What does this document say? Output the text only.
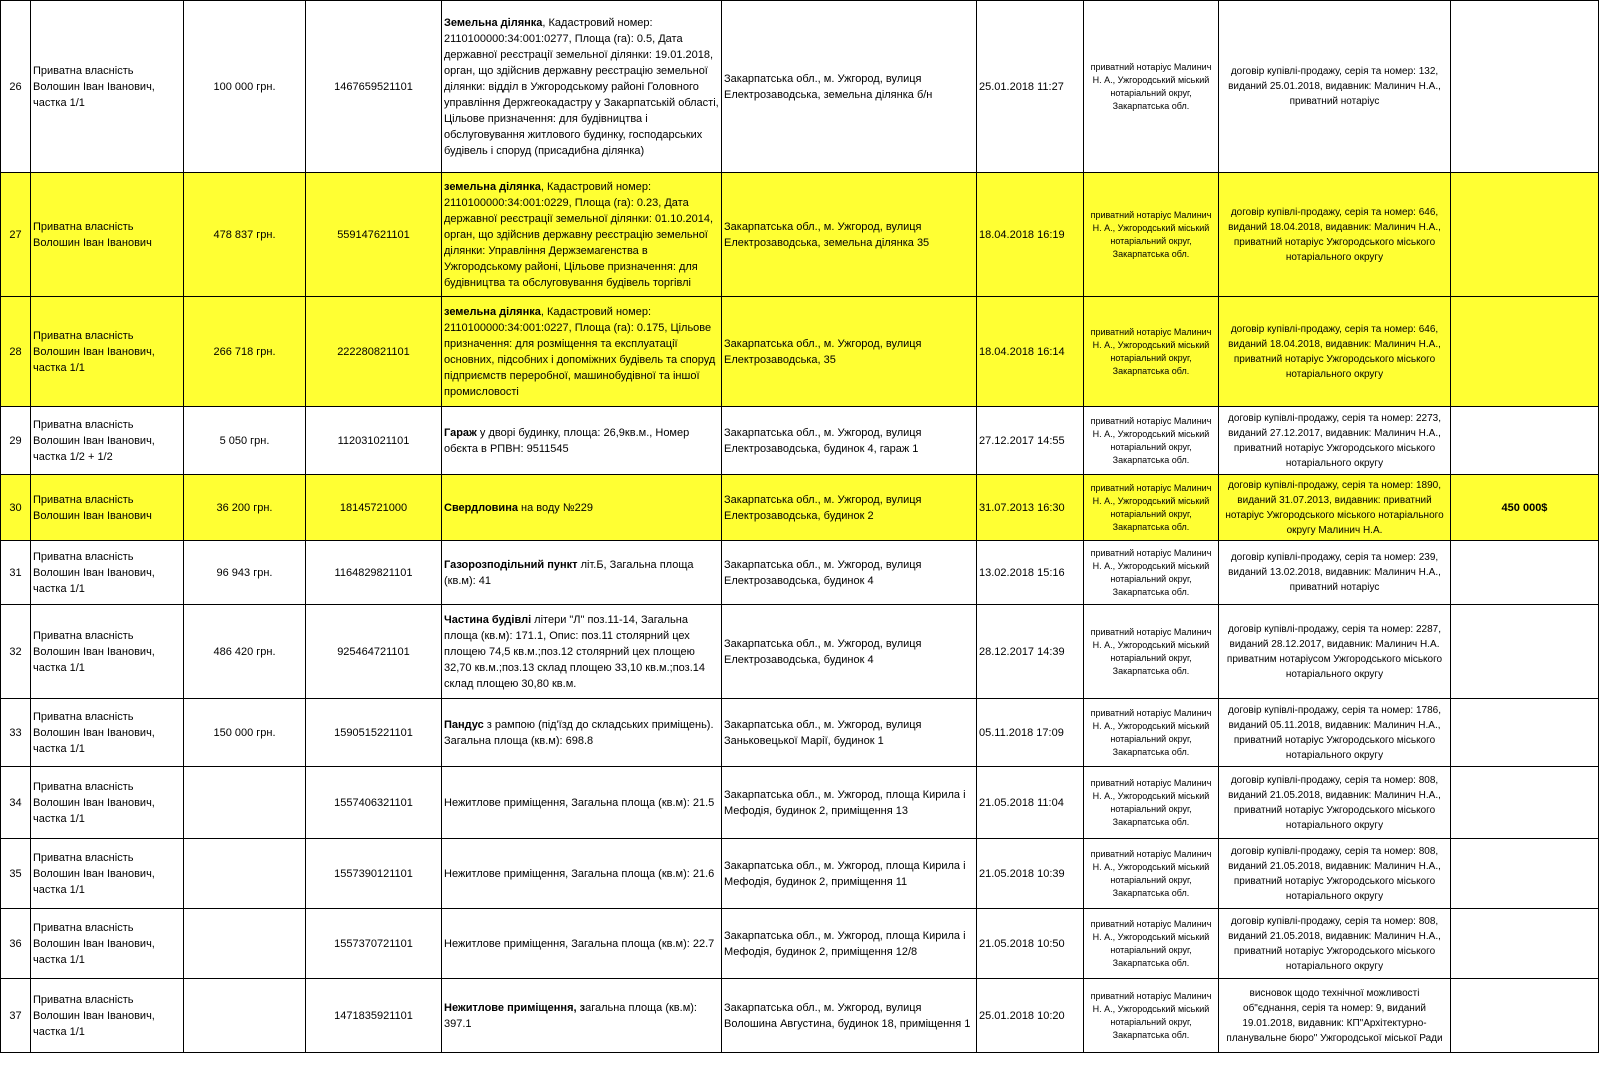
26	Приватна власність Волошин Іван Іванович, частка 1/1	100 000 грн.	1467659521101	Земельна ділянка, Кадастровий номер: 2110100000:34:001:0277, Площа (га): 0.5, Дата державної реєстрації земельної ділянки: 19.01.2018, орган, що здійснив державну реєстрацію земельної ділянки: відділ в Ужгородському районі Головного управління Держгеокадастру у Закарпатській області, Цільове призначення: для будівництва і обслуговування житлового будинку, господарських будівель і споруд (присадибна ділянка)	Закарпатська обл., м. Ужгород, вулиця Електрозаводська, земельна ділянка б/н	25.01.2018 11:27	приватний нотаріус Малинич Н. А., Ужгородський міський нотаріальний округ, Закарпатська обл.	договір купівлі-продажу, серія та номер: 132, виданий 25.01.2018, видавник: Малинич Н.А., приватний нотаріус	
27	Приватна власність Волошин Іван Іванович	478 837 грн.	559147621101	земельна ділянка, Кадастровий номер: 2110100000:34:001:0229, Площа (га): 0.23, Дата державної реєстрації земельної ділянки: 01.10.2014, орган, що здійснив державну реєстрацію земельної ділянки: Управління Держземагенства в Ужгородському районі, Цільове призначення: для будівництва та обслуговування будівель торгівлі	Закарпатська обл., м. Ужгород, вулиця Електрозаводська, земельна ділянка 35	18.04.2018 16:19	приватний нотаріус Малинич Н. А., Ужгородський міський нотаріальний округ, Закарпатська обл.	договір купівлі-продажу, серія та номер: 646, виданий 18.04.2018, видавник: Малинич Н.А., приватний нотаріус Ужгородського міського нотаріального округу	
28	Приватна власність Волошин Іван Іванович, частка 1/1	266 718 грн.	222280821101	земельна ділянка, Кадастровий номер: 2110100000:34:001:0227, Площа (га): 0.175, Цільове призначення: для розміщення та експлуатації основних, підсобних і допоміжних будівель та споруд підприємств переробної, машинобудівної та іншої промисловості	Закарпатська обл., м. Ужгород, вулиця Електрозаводська, 35	18.04.2018 16:14	приватний нотаріус Малинич Н. А., Ужгородський міський нотаріальний округ, Закарпатська обл.	договір купівлі-продажу, серія та номер: 646, виданий 18.04.2018, видавник: Малинич Н.А., приватний нотаріус Ужгородського міського нотаріального округу	
29	Приватна власність Волошин Іван Іванович, частка 1/2 + 1/2	5 050 грн.	112031021101	Гараж у дворі будинку, площа: 26,9кв.м., Номер обєкта в РПВН: 9511545	Закарпатська обл., м. Ужгород, вулиця Електрозаводська, будинок 4, гараж 1	27.12.2017 14:55	приватний нотаріус Малинич Н. А., Ужгородський міський нотаріальний округ, Закарпатська обл.	договір купівлі-продажу, серія та номер: 2273, виданий 27.12.2017, видавник: Малинич Н.А., приватний нотаріус Ужгородського міського нотаріального округу	
30	Приватна власність Волошин Іван Іванович	36 200 грн.	18145721000	Свердловина на воду №229	Закарпатська обл., м. Ужгород, вулиця Електрозаводська, будинок 2	31.07.2013 16:30	приватний нотаріус Малинич Н. А., Ужгородський міський нотаріальний округ, Закарпатська обл.	договір купівлі-продажу, серія та номер: 1890, виданий 31.07.2013, видавник: приватний нотаріус Ужгородського міського нотаріального округу Малинич Н.А.	450 000$
31	Приватна власність Волошин Іван Іванович, частка 1/1	96 943 грн.	1164829821101	Газорозподільний пункт літ.Б, Загальна площа (кв.м): 41	Закарпатська обл., м. Ужгород, вулиця Електрозаводська, будинок 4	13.02.2018 15:16	приватний нотаріус Малинич Н. А., Ужгородський міський нотаріальний округ, Закарпатська обл.	договір купівлі-продажу, серія та номер: 239, виданий 13.02.2018, видавник: Малинич Н.А., приватний нотаріус	
32	Приватна власність Волошин Іван Іванович, частка 1/1	486 420 грн.	925464721101	Частина будівлі літери "Л" поз.11-14, Загальна площа (кв.м): 171.1, Опис: поз.11 столярний цех площею 74,5 кв.м.;поз.12 столярний цех площею 32,70 кв.м.;поз.13 склад площею 33,10 кв.м.;поз.14 склад площею 30,80 кв.м.	Закарпатська обл., м. Ужгород, вулиця Електрозаводська, будинок 4	28.12.2017 14:39	приватний нотаріус Малинич Н. А., Ужгородський міський нотаріальний округ, Закарпатська обл.	договір купівлі-продажу, серія та номер: 2287, виданий 28.12.2017, видавник: Малинич Н.А. приватним нотаріусом Ужгородського міського нотаріального округу	
33	Приватна власність Волошин Іван Іванович, частка 1/1	150 000 грн.	1590515221101	Пандус з рампою (під'їзд до складських приміщень). Загальна площа (кв.м): 698.8	Закарпатська обл., м. Ужгород, вулиця Заньковецької Марії, будинок 1	05.11.2018 17:09	приватний нотаріус Малинич Н. А., Ужгородський міський нотаріальний округ, Закарпатська обл.	договір купівлі-продажу, серія та номер: 1786, виданий 05.11.2018, видавник: Малинич Н.А., приватний нотаріус Ужгородського міського нотаріального округу	
34	Приватна власність Волошин Іван Іванович, частка 1/1		1557406321101	Нежитлове приміщення, Загальна площа (кв.м): 21.5	Закарпатська обл., м. Ужгород, площа Кирила і Мефодія, будинок 2, приміщення 13	21.05.2018 11:04	приватний нотаріус Малинич Н. А., Ужгородський міський нотаріальний округ, Закарпатська обл.	договір купівлі-продажу, серія та номер: 808, виданий 21.05.2018, видавник: Малинич Н.А., приватний нотаріус Ужгородського міського нотаріального округу	
35	Приватна власність Волошин Іван Іванович, частка 1/1		1557390121101	Нежитлове приміщення, Загальна площа (кв.м): 21.6	Закарпатська обл., м. Ужгород, площа Кирила і Мефодія, будинок 2, приміщення 11	21.05.2018 10:39	приватний нотаріус Малинич Н. А., Ужгородський міський нотаріальний округ, Закарпатська обл.	договір купівлі-продажу, серія та номер: 808, виданий 21.05.2018, видавник: Малинич Н.А., приватний нотаріус Ужгородського міського нотаріального округу	
36	Приватна власність Волошин Іван Іванович, частка 1/1		1557370721101	Нежитлове приміщення, Загальна площа (кв.м): 22.7	Закарпатська обл., м. Ужгород, площа Кирила і Мефодія, будинок 2, приміщення 12/8	21.05.2018 10:50	приватний нотаріус Малинич Н. А., Ужгородський міський нотаріальний округ, Закарпатська обл.	договір купівлі-продажу, серія та номер: 808, виданий 21.05.2018, видавник: Малинич Н.А., приватний нотаріус Ужгородського міського нотаріального округу	
37	Приватна власність Волошин Іван Іванович, частка 1/1		1471835921101	Нежитлове приміщення, загальна площа (кв.м): 397.1	Закарпатська обл., м. Ужгород, вулиця Волошина Августина, будинок 18, приміщення 1	25.01.2018 10:20	приватний нотаріус Малинич Н. А., Ужгородський міський нотаріальний округ, Закарпатська обл.	висновок щодо технічної можливості об"єднання, серія та номер: 9, виданий 19.01.2018, видавник: КП"Архітектурно-планувальне бюро" Ужгородської міської Ради	
